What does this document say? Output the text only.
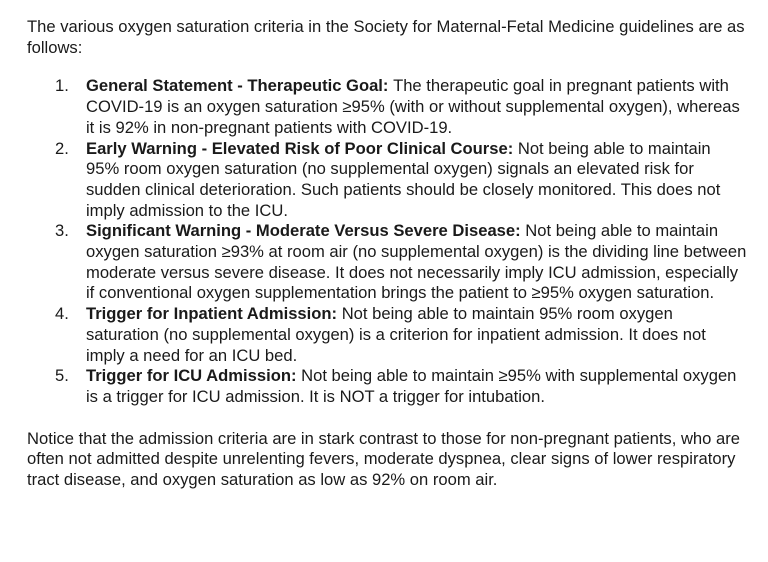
The various oxygen saturation criteria in the Society for Maternal-Fetal Medicine guidelines are as follows:

1. General Statement - Therapeutic Goal: The therapeutic goal in pregnant patients with COVID-19 is an oxygen saturation ≥95% (with or without supplemental oxygen), whereas it is 92% in non-pregnant patients with COVID-19.
2. Early Warning - Elevated Risk of Poor Clinical Course: Not being able to maintain 95% room oxygen saturation (no supplemental oxygen) signals an elevated risk for sudden clinical deterioration. Such patients should be closely monitored. This does not imply admission to the ICU.
3. Significant Warning - Moderate Versus Severe Disease: Not being able to maintain oxygen saturation ≥93% at room air (no supplemental oxygen) is the dividing line between moderate versus severe disease. It does not necessarily imply ICU admission, especially if conventional oxygen supplementation brings the patient to ≥95% oxygen saturation.
4. Trigger for Inpatient Admission: Not being able to maintain 95% room oxygen saturation (no supplemental oxygen) is a criterion for inpatient admission. It does not imply a need for an ICU bed.
5. Trigger for ICU Admission: Not being able to maintain ≥95% with supplemental oxygen is a trigger for ICU admission. It is NOT a trigger for intubation.

Notice that the admission criteria are in stark contrast to those for non-pregnant patients, who are often not admitted despite unrelenting fevers, moderate dyspnea, clear signs of lower respiratory tract disease, and oxygen saturation as low as 92% on room air.
